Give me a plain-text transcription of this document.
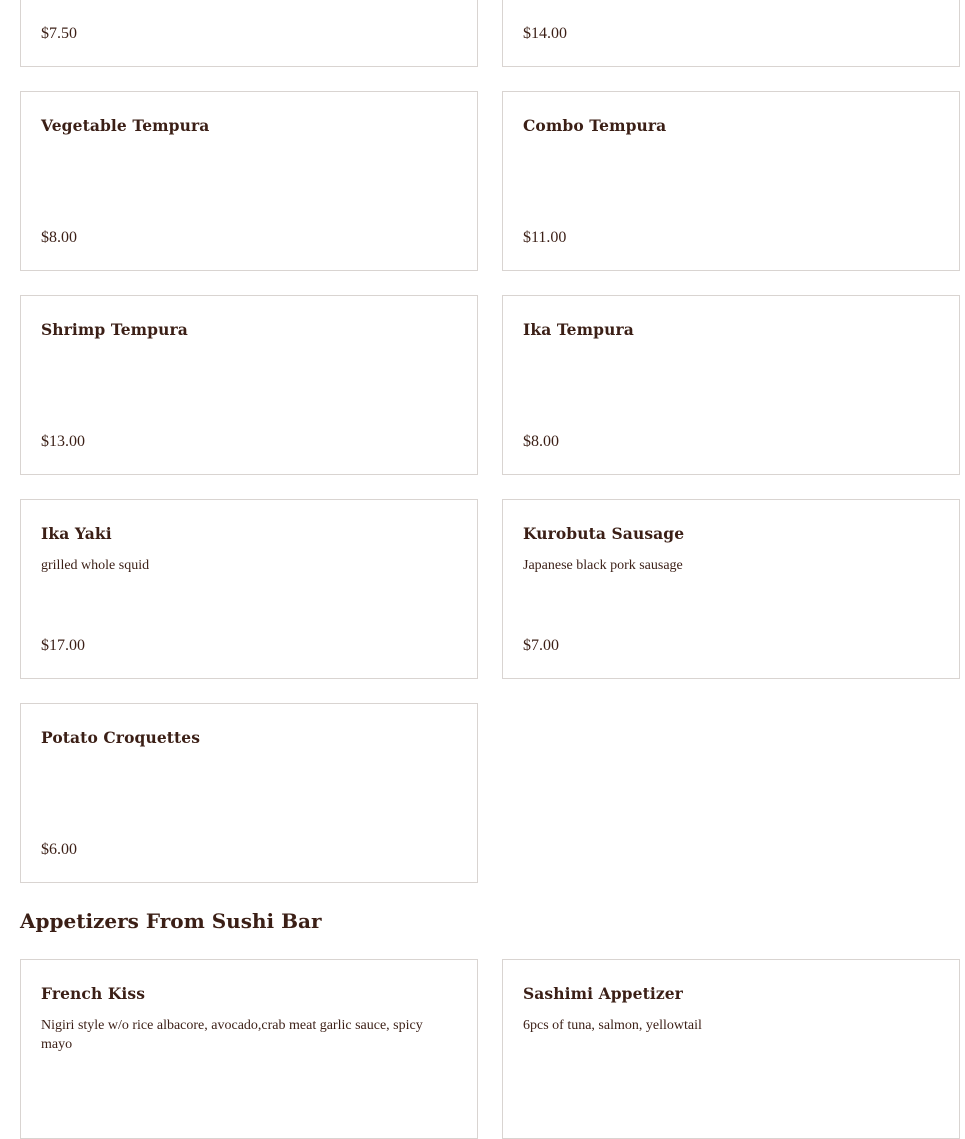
$7.50	$14.00
Vegetable Tempura
$8.00
Combo Tempura
$11.00
Shrimp Tempura
$13.00
Ika Tempura
$8.00
Ika Yaki
grilled whole squid
$17.00
Kurobuta Sausage
Japanese black pork sausage
$7.00
Potato Croquettes
$6.00
Appetizers From Sushi Bar
French Kiss
Nigiri style w/o rice albacore, avocado,crab meat garlic sauce, spicy mayo
Sashimi Appetizer
6pcs of tuna, salmon, yellowtail
